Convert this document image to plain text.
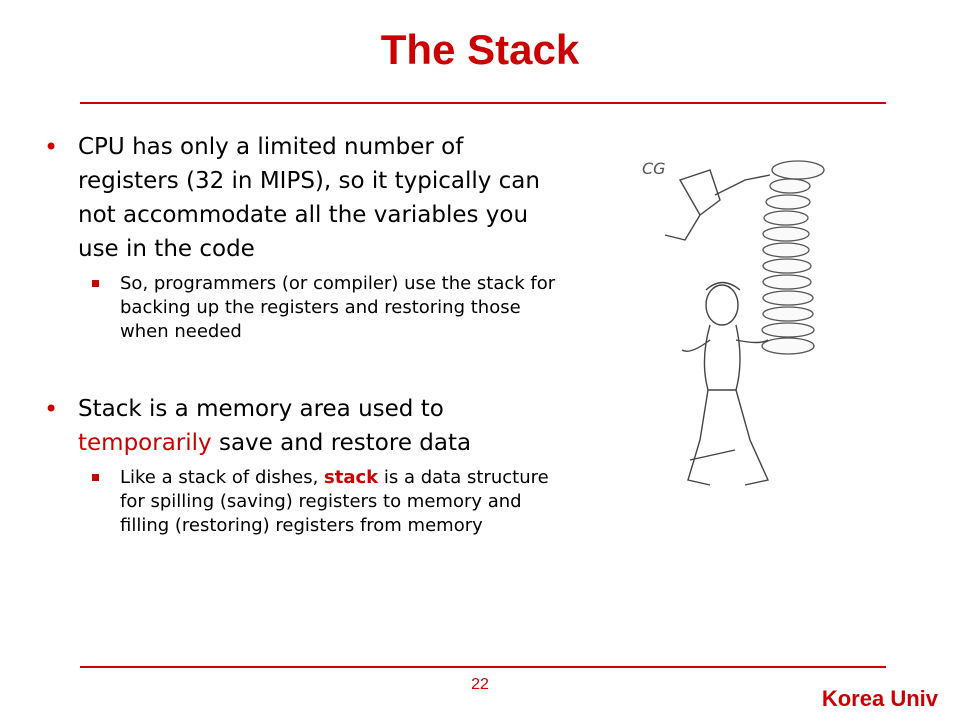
The Stack
• CPU has only a limited number of registers (32 in MIPS), so it typically can not accommodate all the variables you use in the code
So, programmers (or compiler) use the stack for backing up the registers and restoring those when needed
• Stack is a memory area used to temporarily save and restore data
Like a stack of dishes, stack is a data structure for spilling (saving) registers to memory and filling (restoring) registers from memory
CG
22
Korea Univ
